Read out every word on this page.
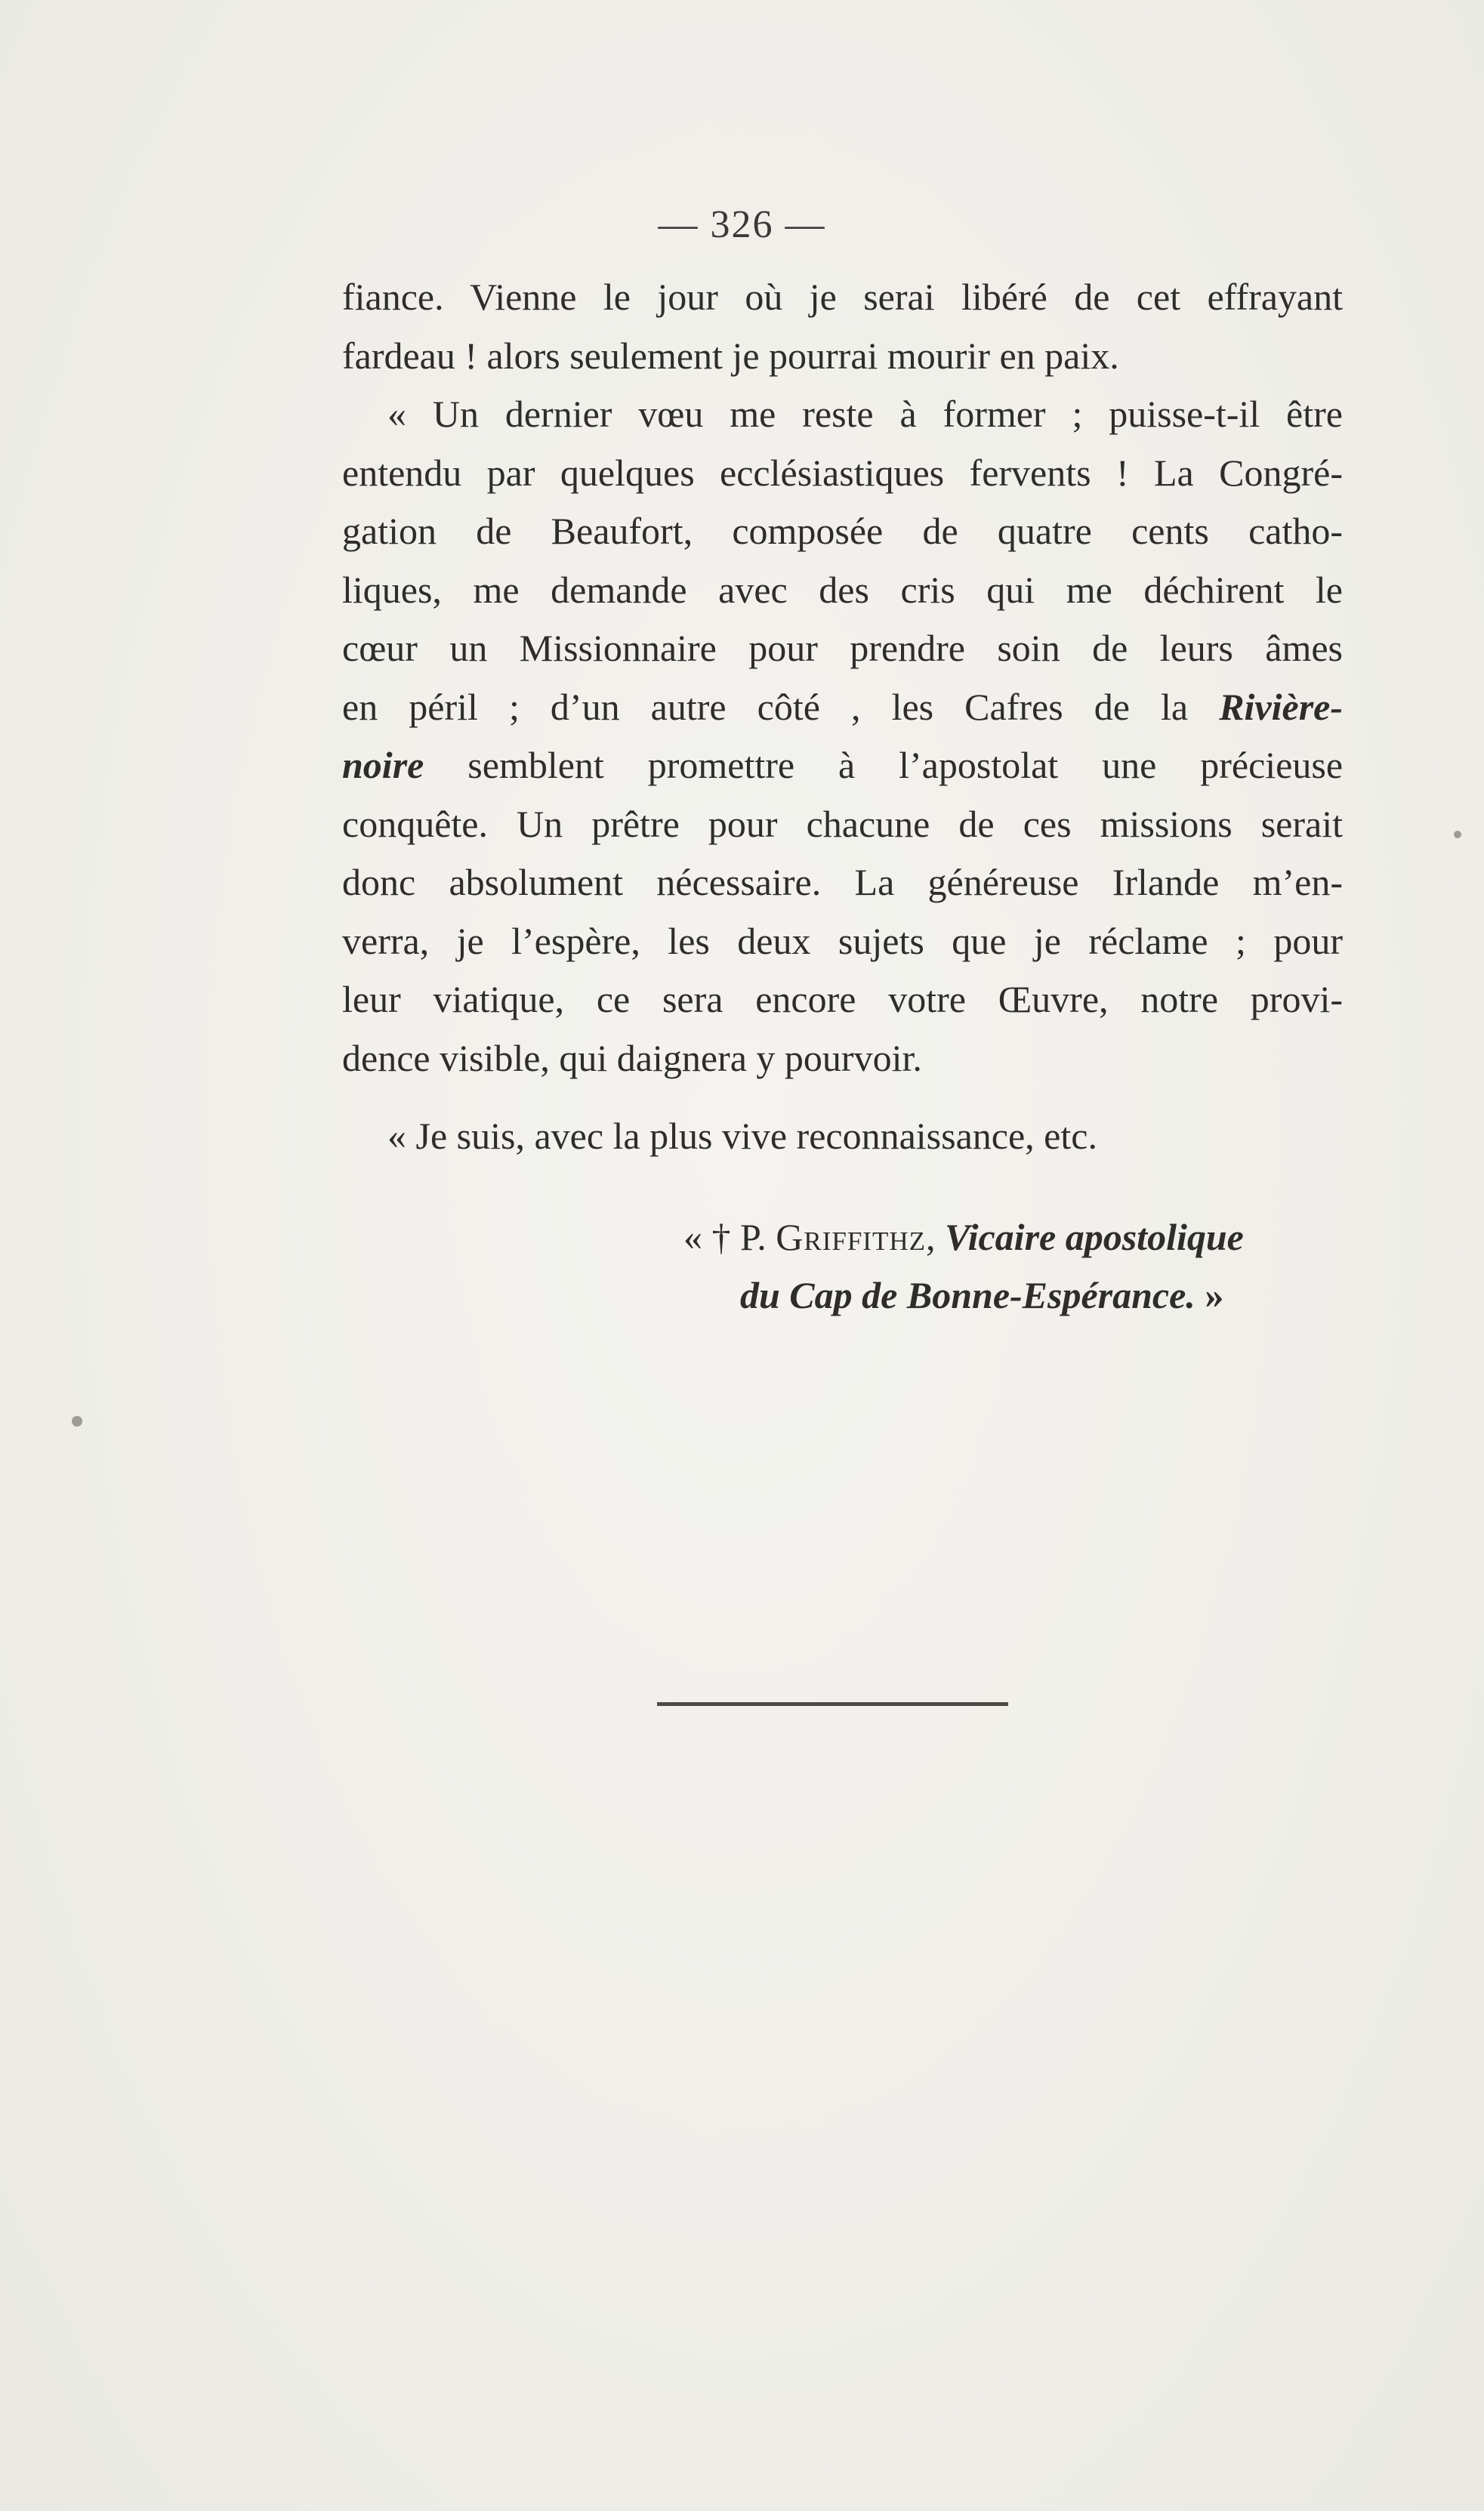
— 326 —
fiance. Vienne le jour où je serai libéré de cet effrayant
fardeau ! alors seulement je pourrai mourir en paix.
« Un dernier vœu me reste à former ; puisse-t-il être
entendu par quelques ecclésiastiques fervents ! La Congré-
gation de Beaufort, composée de quatre cents catho-
liques, me demande avec des cris qui me déchirent le
cœur un Missionnaire pour prendre soin de leurs âmes
en péril ; d’un autre côté , les Cafres de la Rivière-
noire semblent promettre à l’apostolat une précieuse
conquête. Un prêtre pour chacune de ces missions serait
donc absolument nécessaire. La généreuse Irlande m’en-
verra, je l’espère, les deux sujets que je réclame ; pour
leur viatique, ce sera encore votre Œuvre, notre provi-
dence visible, qui daignera y pourvoir.
« Je suis, avec la plus vive reconnaissance, etc.
« † P. Griffithz, Vicaire apostolique
du Cap de Bonne-Espérance. »
